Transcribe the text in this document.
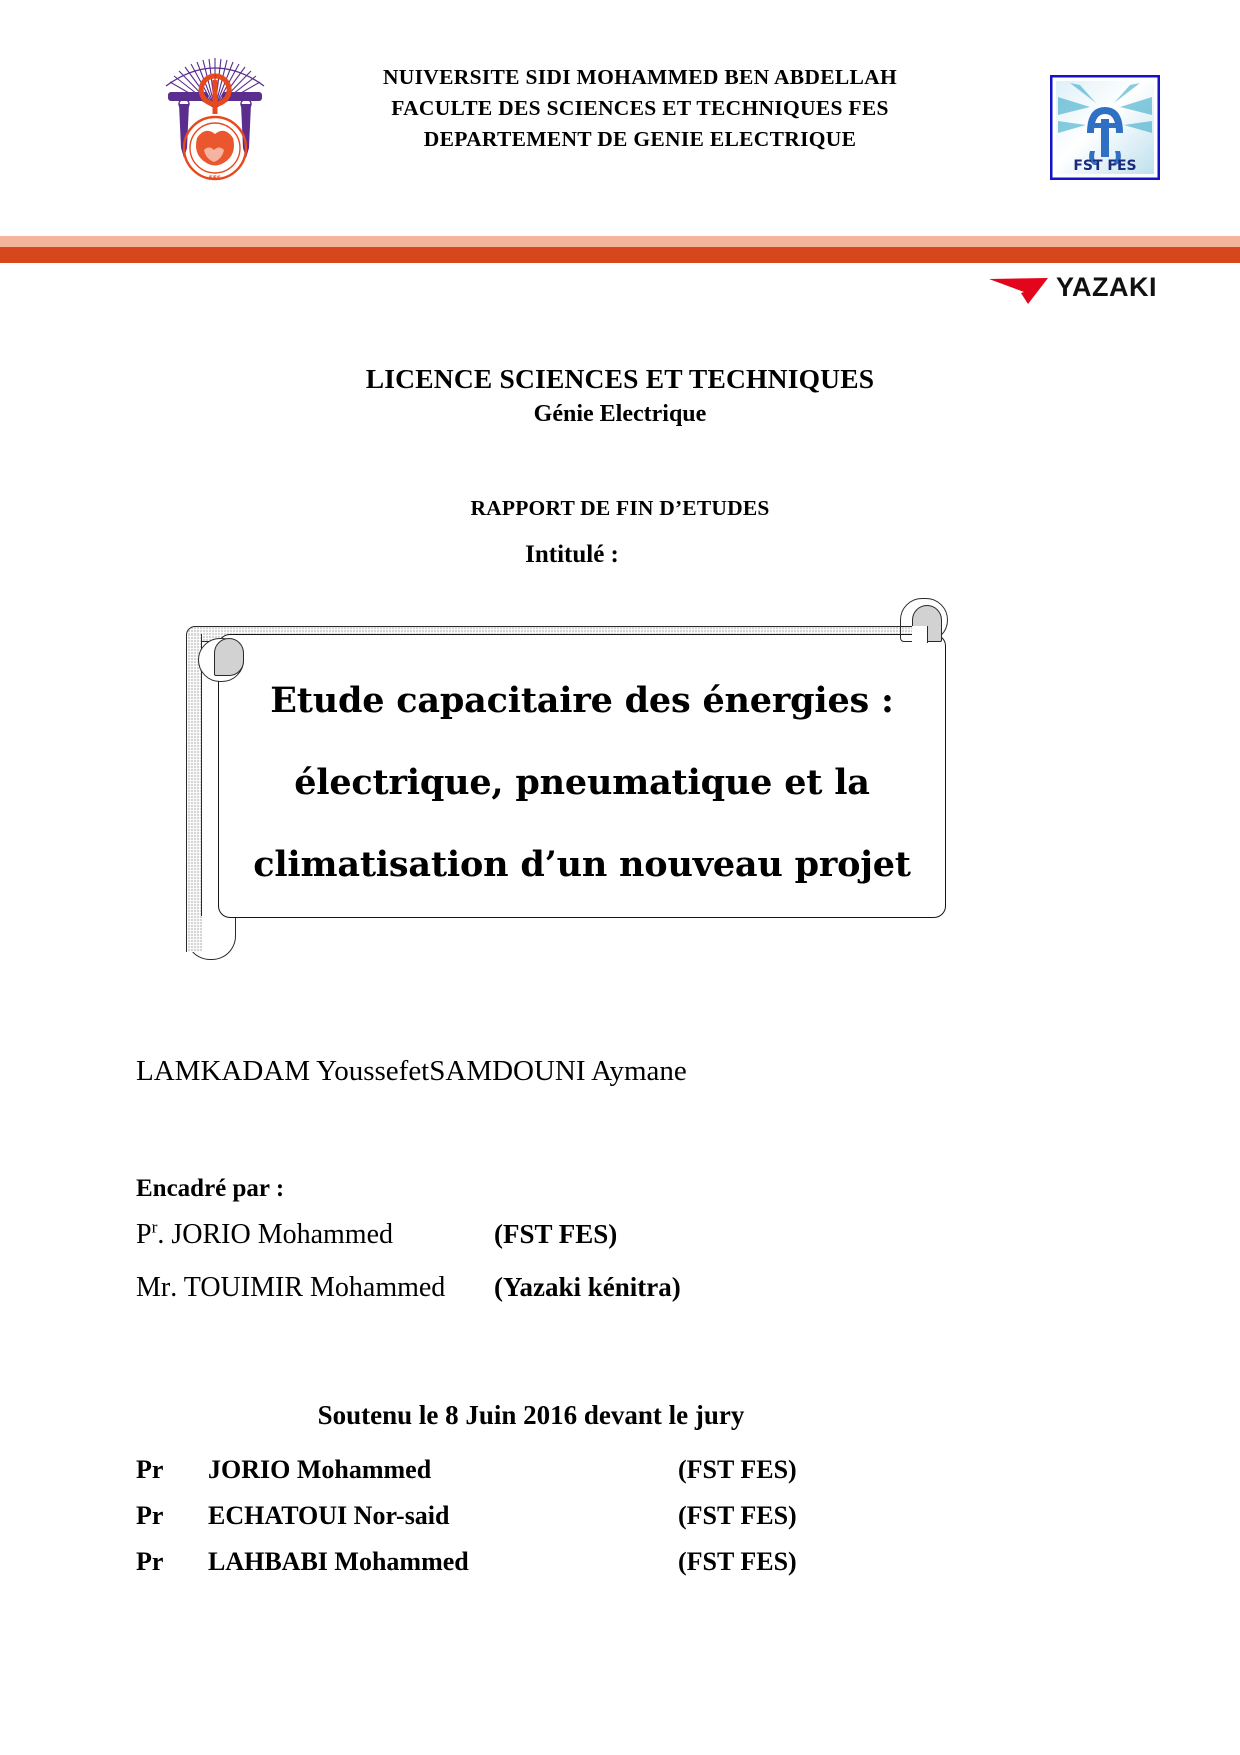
FES
NUIVERSITE SIDI MOHAMMED BEN ABDELLAH
FACULTE DES SCIENCES ET TECHNIQUES FES
DEPARTEMENT DE GENIE ELECTRIQUE
FST FES
YAZAKI
LICENCE SCIENCES ET TECHNIQUES
Génie Electrique
RAPPORT DE FIN D’ETUDES
Intitulé :
Etude capacitaire des énergies :
électrique, pneumatique et la
climatisation d’un nouveau projet
LAMKADAM YoussefetSAMDOUNI Aymane
Encadré par :
$P^r$. JORIO Mohammed	(FST FES)
Mr. TOUIMIR Mohammed (Yazaki kénitra)
Soutenu le 8 Juin 2016 devant le jury
Pr JORIO Mohammed	(FST FES)
Pr ECHATOUI Nor-said	(FST FES)
Pr LAHBABI Mohammed	(FST FES)
